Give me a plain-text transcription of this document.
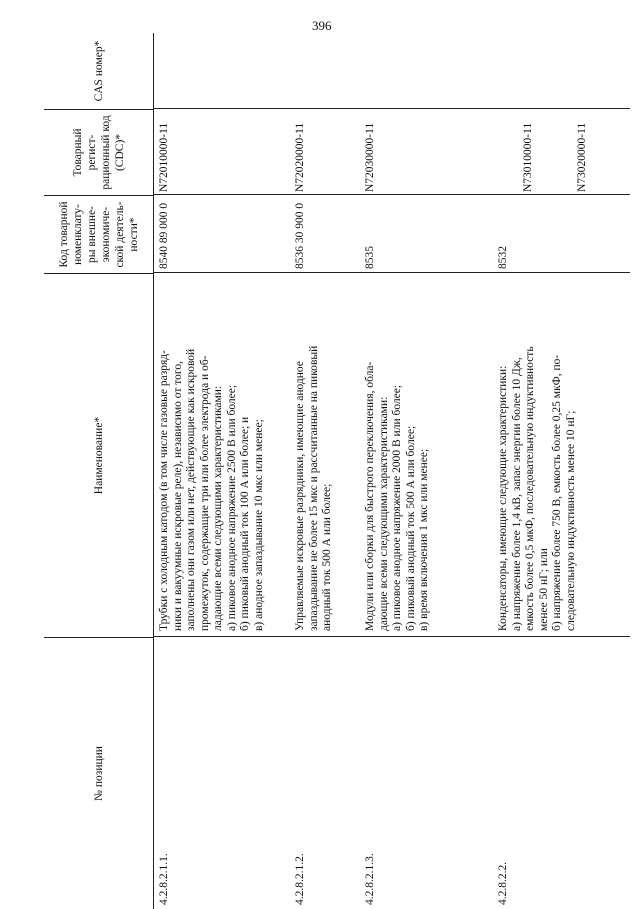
396
№ позиции
Наименование*
Код товарной номенклату- ры внешне- экономиче- ской деятель- ности*
Товарный регист- рационный код (CDC)*
CAS номер*
4.2.8.2.1.1.
Трубки с холодным катодом (в том числе газовые разряд- ники и вакуумные искровые реле), независимо от того, заполнены они газом или нет, действующие как искровой промежуток, содержащие три или более электрода и об- ладающие всеми следующими характеристиками: а) пиковое анодное напряжение 2500 В или более; б) пиковый анодный ток 100 А или более; и в) анодное запаздывание 10 мкс или менее;
8540 89 000 0
N72010000-11
4.2.8.2.1.2.
Управляемые искровые разрядники, имеющие анодное запаздывание не более 15 мкс и рассчитанные на пиковый анодный ток 500 А или более;
8536 30 900 0
N72020000-11
4.2.8.2.1.3.
Модули или сборки для быстрого переключения, обла- дающие всеми следующими характеристиками: а) пиковое анодное напряжение 2000 В или более; б) пиковый анодный ток 500 А или более; в) время включения 1 мкс или менее;
8535
N72030000-11
4.2.8.2.2.
Конденсаторы, имеющие следующие характеристики: а) напряжение более 1,4 кВ, запас энергии более 10 Дж, емкость более 0,5 мкФ, последовательную индуктивность менее 50 нГ; или б) напряжение более 750 В, емкость более 0,25 мкФ, по- следовательную индуктивность менее 10 нГ;
8532
N73010000-11	N73020000-11
